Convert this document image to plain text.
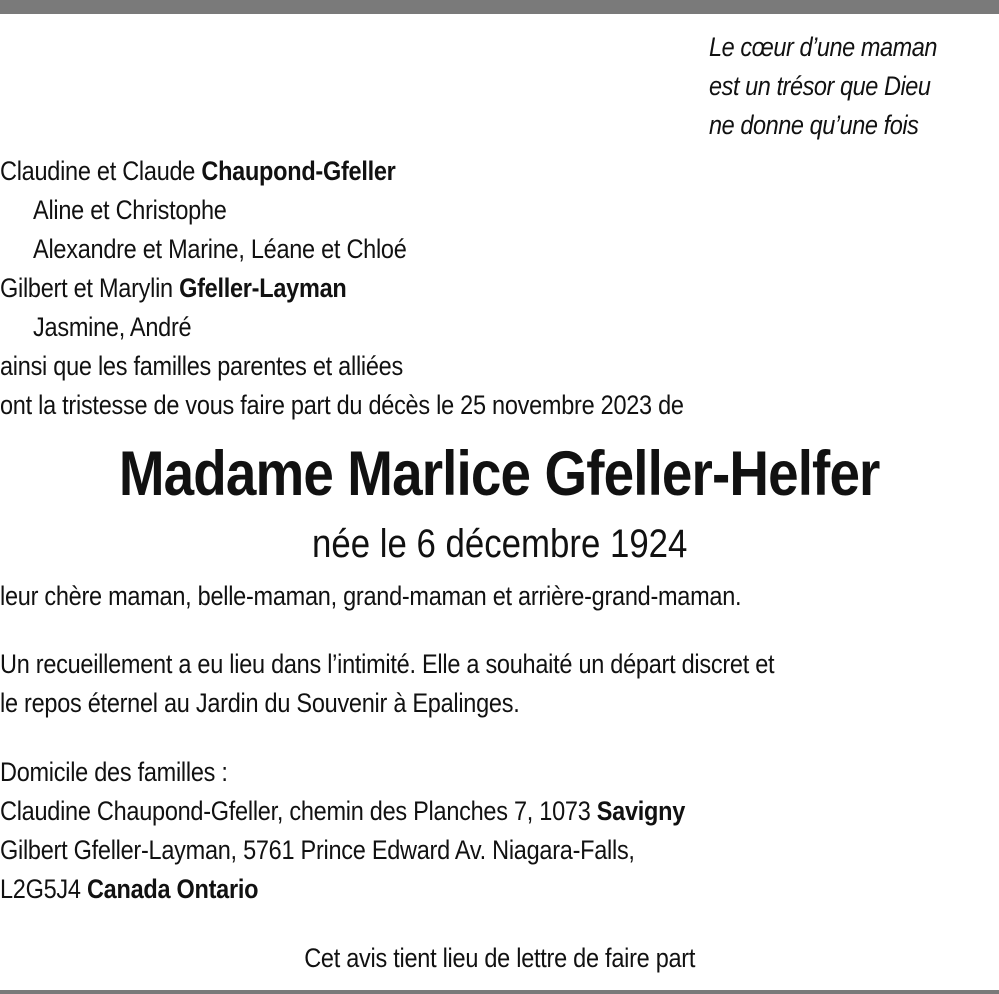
Le cœur d’une maman
est un trésor que Dieu
ne donne qu’une fois
Claudine et Claude Chaupond-Gfeller
Aline et Christophe
Alexandre et Marine, Léane et Chloé
Gilbert et Marylin Gfeller-Layman
Jasmine, André
ainsi que les familles parentes et alliées
ont la tristesse de vous faire part du décès le 25 novembre 2023 de
Madame Marlice Gfeller-Helfer
née le 6 décembre 1924
leur chère maman, belle-maman, grand-maman et arrière-grand-maman.
Un recueillement a eu lieu dans l’intimité. Elle a souhaité un départ discret et
le repos éternel au Jardin du Souvenir à Epalinges.
Domicile des familles :
Claudine Chaupond-Gfeller, chemin des Planches 7, 1073 Savigny
Gilbert Gfeller-Layman, 5761 Prince Edward Av. Niagara-Falls,
L2G5J4 Canada Ontario
Cet avis tient lieu de lettre de faire part
